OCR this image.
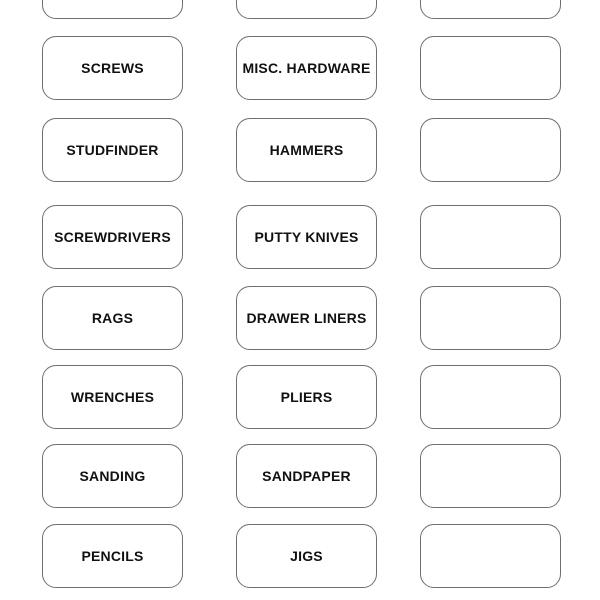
SCREWS	MISC. HARDWARE
STUDFINDER	HAMMERS
SCREWDRIVERS	PUTTY KNIVES
RAGS	DRAWER LINERS
WRENCHES	PLIERS
SANDING	SANDPAPER
PENCILS	JIGS
